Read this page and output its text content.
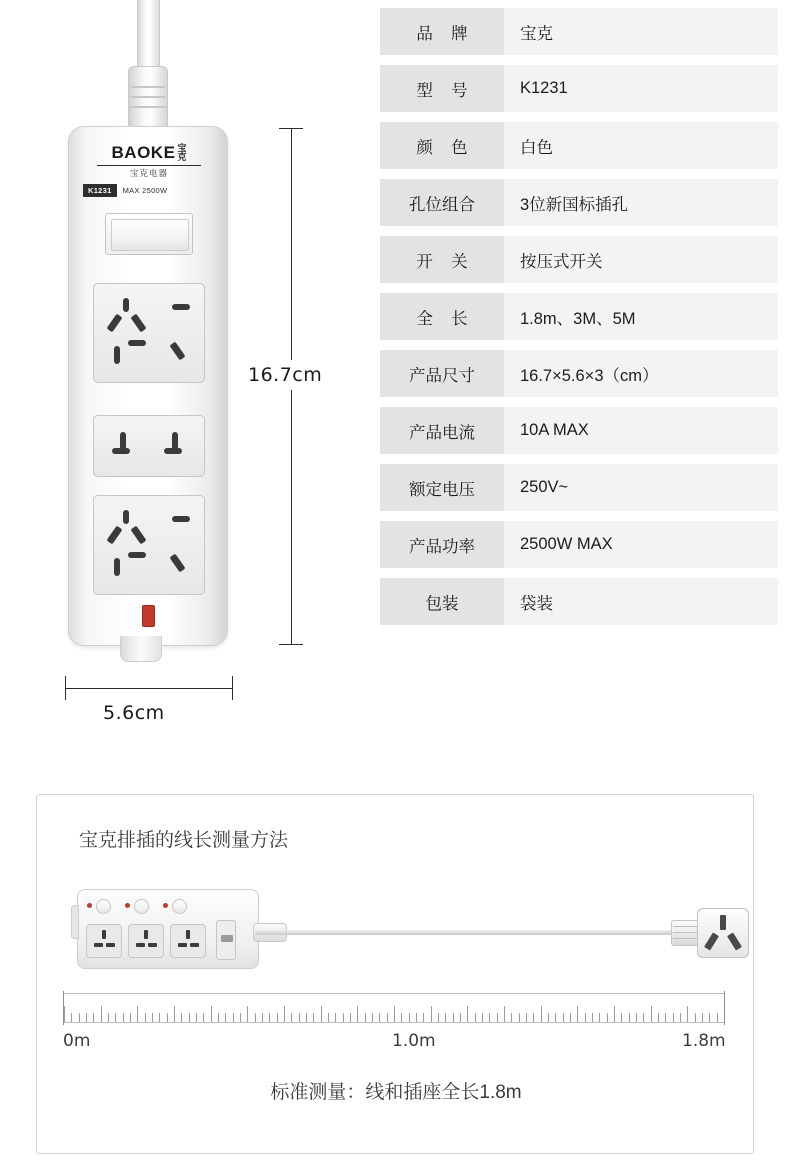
BAOKE 宝
克
宝克电器
K1231	MAX 2500W
16.7cm
5.6cm
品    牌	宝克
型    号	K1231
颜    色	白色
孔位组合	3位新国标插孔
开    关	按压式开关
全    长	1.8m、3M、5M
产品尺寸	16.7×5.6×3（cm）
产品电流	10A MAX
额定电压	250V~
产品功率	2500W MAX
包装	袋装
宝克排插的线长测量方法
0m	1.0m	1.8m
标准测量：线和插座全长1.8m
